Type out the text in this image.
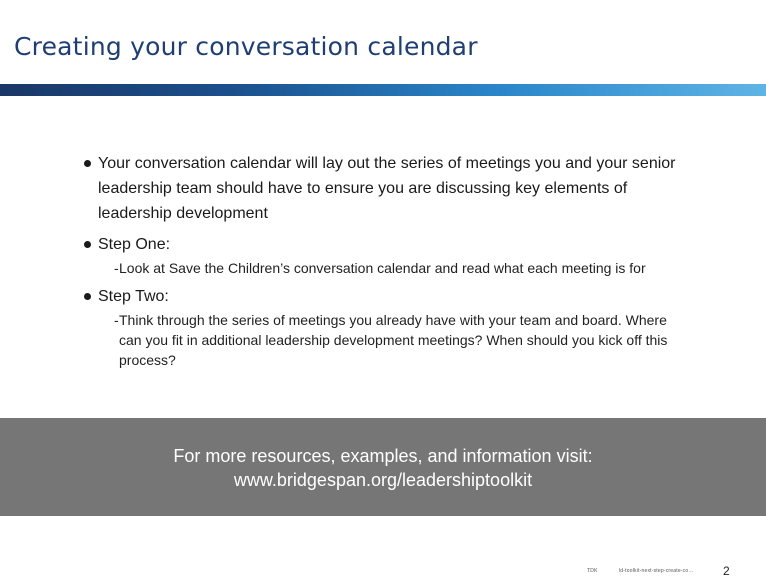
Creating your conversation calendar
Your conversation calendar will lay out the series of meetings you and your senior leadership team should have to ensure you are discussing key elements of leadership development
Step One:
- Look at Save the Children’s conversation calendar and read what each meeting is for
Step Two:
- Think through the series of meetings you already have with your team and board. Where can you fit in additional leadership development meetings? When should you kick off this process?
For more resources, examples, and information visit:
www.bridgespan.org/leadershiptoolkit
TDK	ld-toolkit-next-step-create-co… 2
